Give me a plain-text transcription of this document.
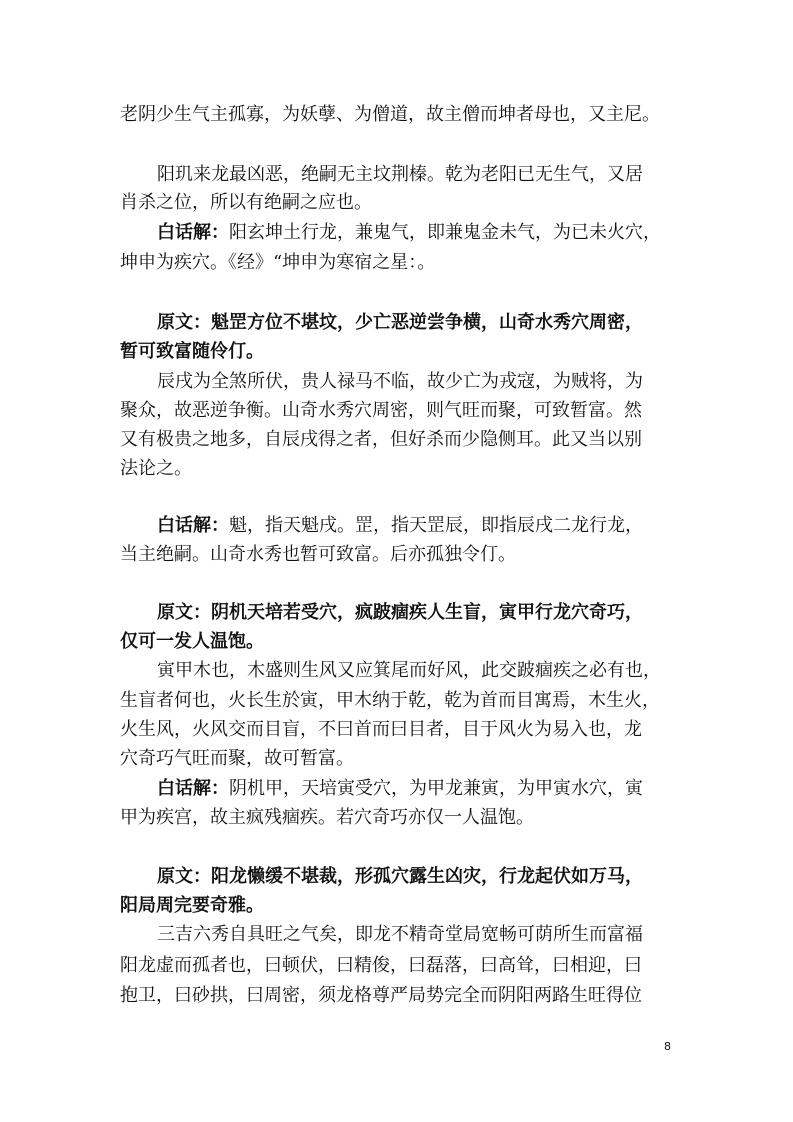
老阴少生气主孤寡，为妖孽、为僧道，故主僧而坤者母也，又主尼。
阳玑来龙最凶恶，绝嗣无主坟荆榛。乾为老阳已无生气，又居
肖杀之位，所以有绝嗣之应也。
白话解：阳玄坤土行龙，兼鬼气，即兼鬼金未气，为已未火穴，
坤申为疾穴。《经》“坤申为寒宿之星：。
原文：魁罡方位不堪坟，少亡恶逆尝争横，山奇水秀穴周密，
暂可致富随伶仃。
辰戌为全煞所伏，贵人禄马不临，故少亡为戎寇，为贼将，为
聚众，故恶逆争衡。山奇水秀穴周密，则气旺而聚，可致暂富。然
又有极贵之地多，自辰戌得之者，但好杀而少隐侧耳。此又当以别
法论之。
白话解：魁，指天魁戌。罡，指天罡辰，即指辰戌二龙行龙，
当主绝嗣。山奇水秀也暂可致富。后亦孤独令仃。
原文：阴机天培若受穴，疯跛痼疾人生盲，寅甲行龙穴奇巧，
仅可一发人温饱。
寅甲木也，木盛则生风又应箕尾而好风，此交跛痼疾之必有也，
生盲者何也，火长生於寅，甲木纳于乾，乾为首而目寓焉，木生火，
火生风，火风交而目盲，不曰首而曰目者，目于风火为易入也，龙
穴奇巧气旺而聚，故可暂富。
白话解：阴机甲，天培寅受穴，为甲龙兼寅，为甲寅水穴，寅
甲为疾宫，故主疯残痼疾。若穴奇巧亦仅一人温饱。
原文：阳龙懒缓不堪裁，形孤穴露生凶灾，行龙起伏如万马，
阳局周完要奇雅。
三吉六秀自具旺之气矣，即龙不精奇堂局宽畅可荫所生而富福
阳龙虚而孤者也，曰顿伏，曰精俊，曰磊落，曰高耸，曰相迎，曰
抱卫，曰砂拱，曰周密，须龙格尊严局势完全而阴阳两路生旺得位
8
